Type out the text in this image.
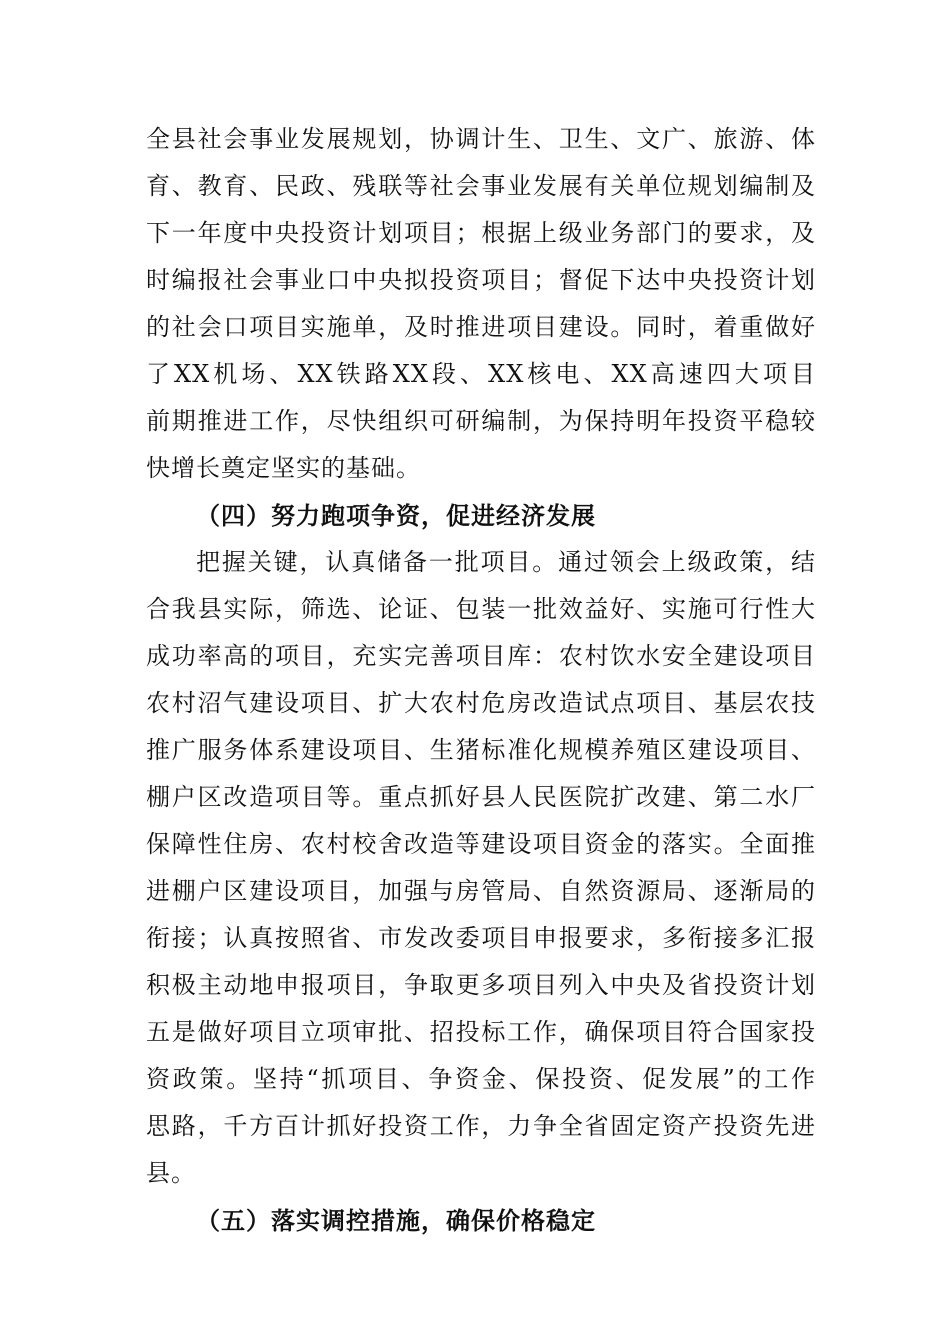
全县社会事业发展规划，协调计生、卫生、文广、旅游、体
育、教育、民政、残联等社会事业发展有关单位规划编制及
下一年度中央投资计划项目；根据上级业务部门的要求，及
时编报社会事业口中央拟投资项目；督促下达中央投资计划
的社会口项目实施单，及时推进项目建设。同时，着重做好
了XX机场、XX铁路XX段、XX核电、XX高速四大项目
前期推进工作，尽快组织可研编制，为保持明年投资平稳较
快增长奠定坚实的基础。
（四）努力跑项争资，促进经济发展
把握关键，认真储备一批项目。通过领会上级政策，结
合我县实际，筛选、论证、包装一批效益好、实施可行性大
成功率高的项目，充实完善项目库：农村饮水安全建设项目
农村沼气建设项目、扩大农村危房改造试点项目、基层农技
推广服务体系建设项目、生猪标准化规模养殖区建设项目、
棚户区改造项目等。重点抓好县人民医院扩改建、第二水厂
保障性住房、农村校舍改造等建设项目资金的落实。全面推
进棚户区建设项目，加强与房管局、自然资源局、逐渐局的
衔接；认真按照省、市发改委项目申报要求，多衔接多汇报
积极主动地申报项目，争取更多项目列入中央及省投资计划
五是做好项目立项审批、招投标工作，确保项目符合国家投
资政策。坚持“抓项目、争资金、保投资、促发展”的工作
思路，千方百计抓好投资工作，力争全省固定资产投资先进
县。
（五）落实调控措施，确保价格稳定
